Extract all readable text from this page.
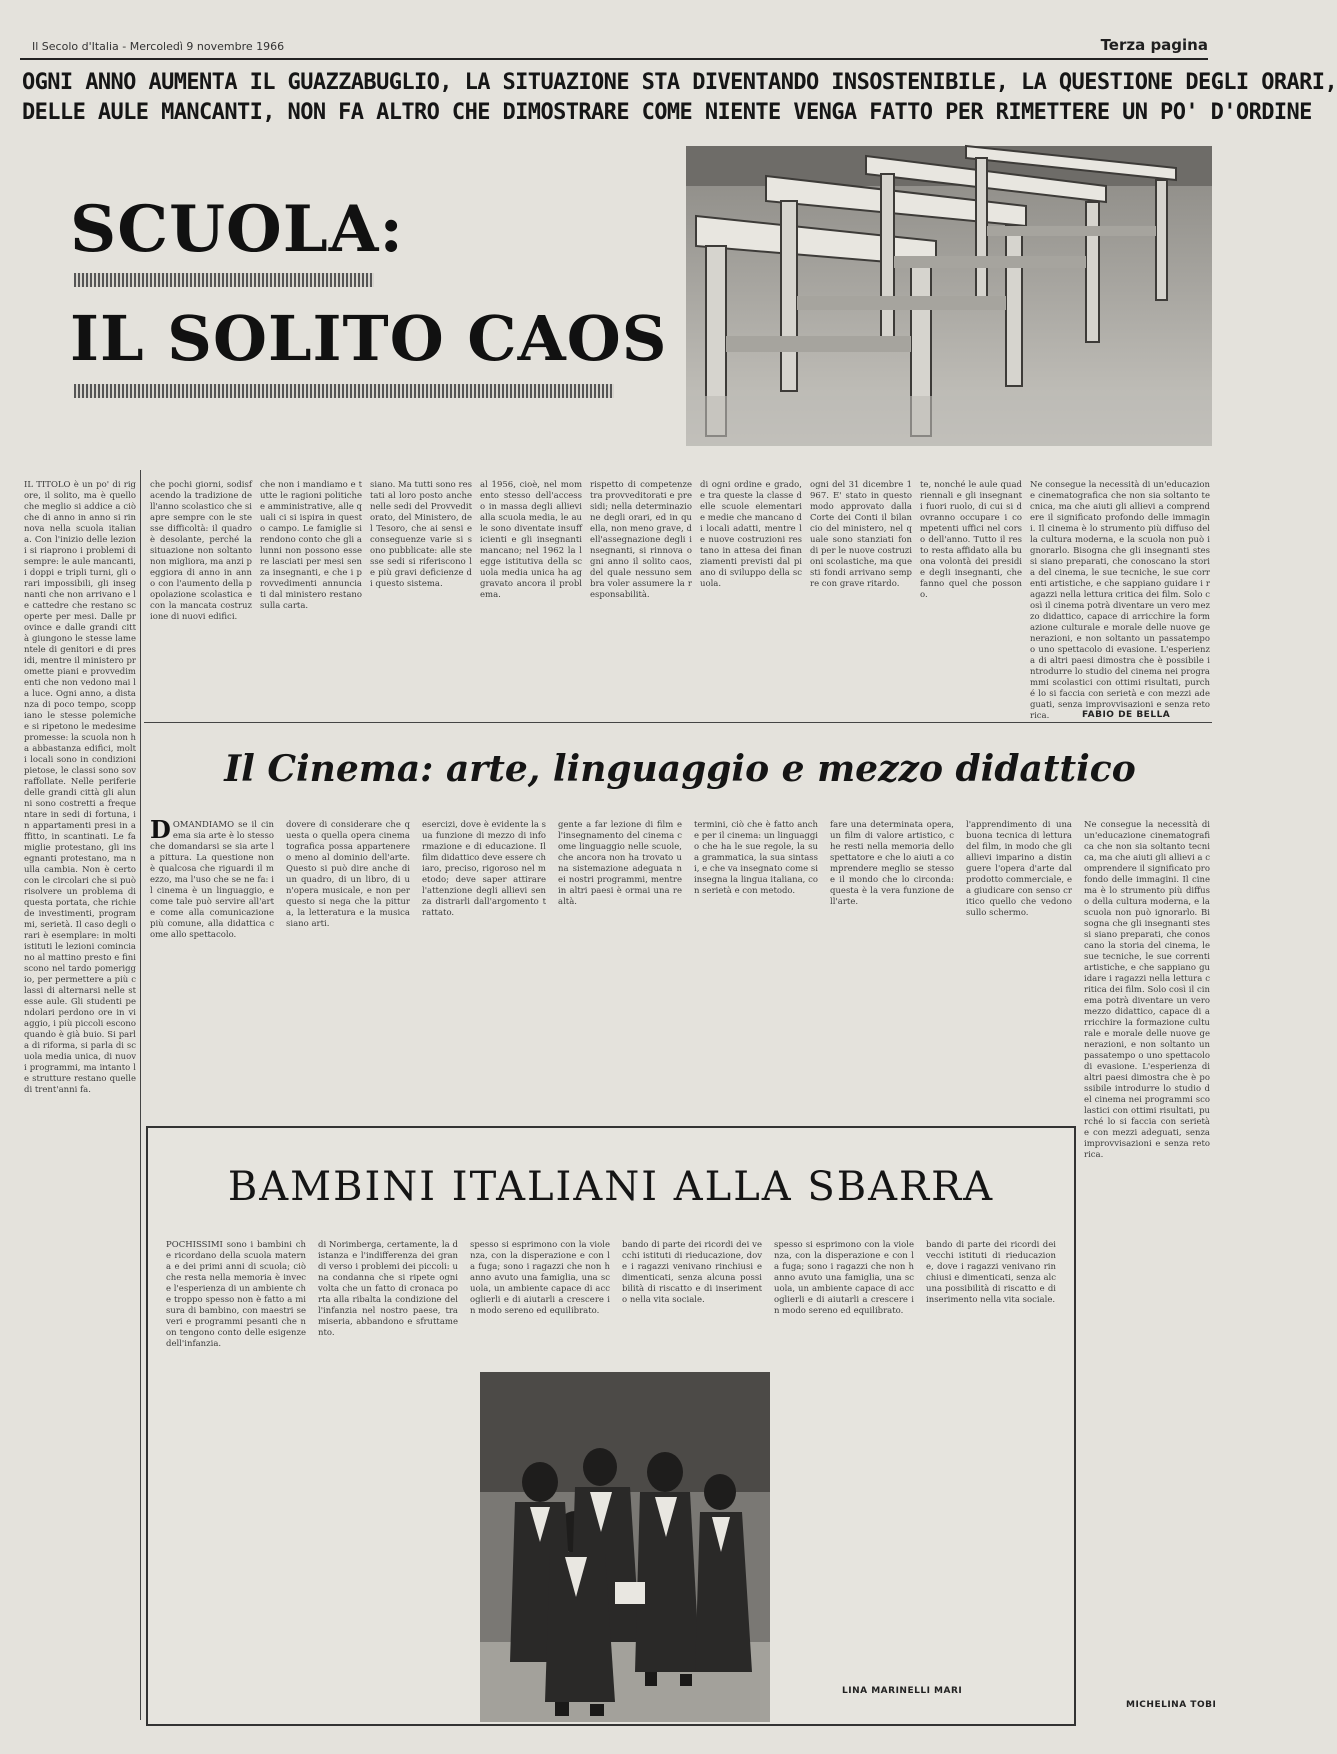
Il Secolo d'Italia - Mercoledì 9 novembre 1966	Terza pagina
OGNI ANNO AUMENTA IL GUAZZABUGLIO, LA SITUAZIONE STA DIVENTANDO INSOSTENIBILE, LA QUESTIONE DEGLI ORARI,
DELLE AULE MANCANTI, NON FA ALTRO CHE DIMOSTRARE COME NIENTE VENGA FATTO PER RIMETTERE UN PO' D'ORDINE
SCUOLA:
IL SOLITO CAOS
IL TITOLO è un po' di rigore, il solito, ma è quello che meglio si addice a ciò che di anno in anno si rinnova nella scuola italiana. Con l'inizio delle lezioni si riaprono i problemi di sempre: le aule mancanti, i doppi e tripli turni, gli orari impossibili, gli insegnanti che non arrivano e le cattedre che restano scoperte per mesi. Dalle province e dalle grandi città giungono le stesse lamentele di genitori e di presidi, mentre il ministero promette piani e provvedimenti che non vedono mai la luce. Ogni anno, a distanza di poco tempo, scoppiano le stesse polemiche e si ripetono le medesime promesse: la scuola non ha abbastanza edifici, molti locali sono in condizioni pietose, le classi sono sovraffollate. Nelle periferie delle grandi città gli alunni sono costretti a frequentare in sedi di fortuna, in appartamenti presi in affitto, in scantinati. Le famiglie protestano, gli insegnanti protestano, ma nulla cambia. Non è certo con le circolari che si può risolvere un problema di questa portata, che richiede investimenti, programmi, serietà. Il caso degli orari è esemplare: in molti istituti le lezioni cominciano al mattino presto e finiscono nel tardo pomeriggio, per permettere a più classi di alternarsi nelle stesse aule. Gli studenti pendolari perdono ore in viaggio, i più piccoli escono quando è già buio. Si parla di riforma, si parla di scuola media unica, di nuovi programmi, ma intanto le strutture restano quelle di trent'anni fa.
che pochi giorni, sodisfacendo la tradizione dell'anno scolastico che si apre sempre con le stesse difficoltà: il quadro è desolante, perché la situazione non soltanto non migliora, ma anzi peggiora di anno in anno con l'aumento della popolazione scolastica e con la mancata costruzione di nuovi edifici.
che non i mandiamo e tutte le ragioni politiche e amministrative, alle quali ci si ispira in questo campo. Le famiglie si rendono conto che gli alunni non possono essere lasciati per mesi senza insegnanti, e che i provvedimenti annunciati dal ministero restano sulla carta.
siano. Ma tutti sono restati al loro posto anche nelle sedi del Provveditorato, del Ministero, del Tesoro, che ai sensi e conseguenze varie si sono pubblicate: alle stesse sedi si riferiscono le più gravi deficienze di questo sistema.
al 1956, cioè, nel momento stesso dell'accesso in massa degli allievi alla scuola media, le aule sono diventate insufficienti e gli insegnanti mancano; nel 1962 la legge istitutiva della scuola media unica ha aggravato ancora il problema.
rispetto di competenze tra provveditorati e presidi; nella determinazione degli orari, ed in quella, non meno grave, dell'assegnazione degli insegnanti, si rinnova ogni anno il solito caos, del quale nessuno sembra voler assumere la responsabilità.
di ogni ordine e grado, e tra queste la classe delle scuole elementari e medie che mancano di locali adatti, mentre le nuove costruzioni restano in attesa dei finanziamenti previsti dal piano di sviluppo della scuola.
ogni del 31 dicembre 1967. E' stato in questo modo approvato dalla Corte dei Conti il bilancio del ministero, nel quale sono stanziati fondi per le nuove costruzioni scolastiche, ma questi fondi arrivano sempre con grave ritardo.
te, nonché le aule quadriennali e gli insegnanti fuori ruolo, di cui si dovranno occupare i competenti uffici nel corso dell'anno. Tutto il resto resta affidato alla buona volontà dei presidi e degli insegnanti, che fanno quel che possono.
Ne consegue la necessità di un'educazione cinematografica che non sia soltanto tecnica, ma che aiuti gli allievi a comprendere il significato profondo delle immagini. Il cinema è lo strumento più diffuso della cultura moderna, e la scuola non può ignorarlo. Bisogna che gli insegnanti stessi siano preparati, che conoscano la storia del cinema, le sue tecniche, le sue correnti artistiche, e che sappiano guidare i ragazzi nella lettura critica dei film. Solo così il cinema potrà diventare un vero mezzo didattico, capace di arricchire la formazione culturale e morale delle nuove generazioni, e non soltanto un passatempo o uno spettacolo di evasione. L'esperienza di altri paesi dimostra che è possibile introdurre lo studio del cinema nei programmi scolastici con ottimi risultati, purché lo si faccia con serietà e con mezzi adeguati, senza improvvisazioni e senza retorica.	FABIO DE BELLA
Il Cinema: arte, linguaggio e mezzo didattico
DOMANDIAMO se il cinema sia arte è lo stesso che domandarsi se sia arte la pittura. La questione non è qualcosa che riguardi il mezzo, ma l'uso che se ne fa: il cinema è un linguaggio, e come tale può servire all'arte come alla comunicazione più comune, alla didattica come allo spettacolo.
dovere di considerare che questa o quella opera cinematografica possa appartenere o meno al dominio dell'arte. Questo si può dire anche di un quadro, di un libro, di un'opera musicale, e non per questo si nega che la pittura, la letteratura e la musica siano arti.
esercizi, dove è evidente la sua funzione di mezzo di informazione e di educazione. Il film didattico deve essere chiaro, preciso, rigoroso nel metodo; deve saper attirare l'attenzione degli allievi senza distrarli dall'argomento trattato.
gente a far lezione di film e l'insegnamento del cinema come linguaggio nelle scuole, che ancora non ha trovato una sistemazione adeguata nei nostri programmi, mentre in altri paesi è ormai una realtà.
termini, ciò che è fatto anche per il cinema: un linguaggio che ha le sue regole, la sua grammatica, la sua sintassi, e che va insegnato come si insegna la lingua italiana, con serietà e con metodo.
fare una determinata opera, un film di valore artistico, che resti nella memoria dello spettatore e che lo aiuti a comprendere meglio se stesso e il mondo che lo circonda: questa è la vera funzione dell'arte.
l'apprendimento di una buona tecnica di lettura del film, in modo che gli allievi imparino a distinguere l'opera d'arte dal prodotto commerciale, e a giudicare con senso critico quello che vedono sullo schermo.
Ne consegue la necessità di un'educazione cinematografica che non sia soltanto tecnica, ma che aiuti gli allievi a comprendere il significato profondo delle immagini. Il cinema è lo strumento più diffuso della cultura moderna, e la scuola non può ignorarlo. Bisogna che gli insegnanti stessi siano preparati, che conoscano la storia del cinema, le sue tecniche, le sue correnti artistiche, e che sappiano guidare i ragazzi nella lettura critica dei film. Solo così il cinema potrà diventare un vero mezzo didattico, capace di arricchire la formazione culturale e morale delle nuove generazioni, e non soltanto un passatempo o uno spettacolo di evasione. L'esperienza di altri paesi dimostra che è possibile introdurre lo studio del cinema nei programmi scolastici con ottimi risultati, purché lo si faccia con serietà e con mezzi adeguati, senza improvvisazioni e senza retorica.
MICHELINA TOBI
BAMBINI ITALIANI ALLA SBARRA
POCHISSIMI sono i bambini che ricordano della scuola materna e dei primi anni di scuola; ciò che resta nella memoria è invece l'esperienza di un ambiente che troppo spesso non è fatto a misura di bambino, con maestri severi e programmi pesanti che non tengono conto delle esigenze dell'infanzia.
di Norimberga, certamente, la distanza e l'indifferenza dei grandi verso i problemi dei piccoli: una condanna che si ripete ogni volta che un fatto di cronaca porta alla ribalta la condizione dell'infanzia nel nostro paese, tra miseria, abbandono e sfruttamento.
spesso si esprimono con la violenza, con la disperazione e con la fuga; sono i ragazzi che non hanno avuto una famiglia, una scuola, un ambiente capace di accoglierli e di aiutarli a crescere in modo sereno ed equilibrato.
bando di parte dei ricordi dei vecchi istituti di rieducazione, dove i ragazzi venivano rinchiusi e dimenticati, senza alcuna possibilità di riscatto e di inserimento nella vita sociale.
spesso si esprimono con la violenza, con la disperazione e con la fuga; sono i ragazzi che non hanno avuto una famiglia, una scuola, un ambiente capace di accoglierli e di aiutarli a crescere in modo sereno ed equilibrato.
bando di parte dei ricordi dei vecchi istituti di rieducazione, dove i ragazzi venivano rinchiusi e dimenticati, senza alcuna possibilità di riscatto e di inserimento nella vita sociale.
LINA MARINELLI MARI
